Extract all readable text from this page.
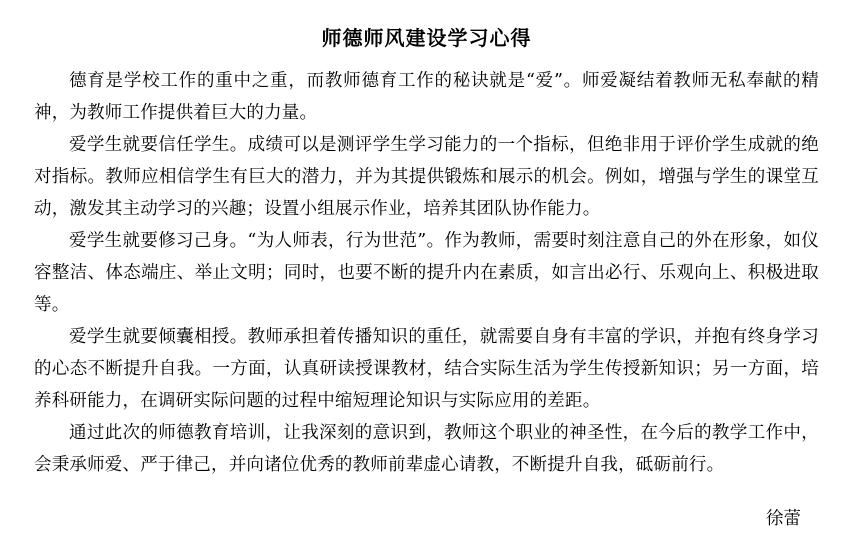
师德师风建设学习心得

德育是学校工作的重中之重，而教师德育工作的秘诀就是“爱”。师爱凝结着教师无私奉献的精神，为教师工作提供着巨大的力量。

爱学生就要信任学生。成绩可以是测评学生学习能力的一个指标，但绝非用于评价学生成就的绝对指标。教师应相信学生有巨大的潜力，并为其提供锻炼和展示的机会。例如，增强与学生的课堂互动，激发其主动学习的兴趣；设置小组展示作业，培养其团队协作能力。

爱学生就要修习己身。“为人师表，行为世范”。作为教师，需要时刻注意自己的外在形象，如仪容整洁、体态端庄、举止文明；同时，也要不断的提升内在素质，如言出必行、乐观向上、积极进取等。

爱学生就要倾囊相授。教师承担着传播知识的重任，就需要自身有丰富的学识，并抱有终身学习的心态不断提升自我。一方面，认真研读授课教材，结合实际生活为学生传授新知识；另一方面，培养科研能力，在调研实际问题的过程中缩短理论知识与实际应用的差距。

通过此次的师德教育培训，让我深刻的意识到，教师这个职业的神圣性，在今后的教学工作中，会秉承师爱、严于律己，并向诸位优秀的教师前辈虚心请教，不断提升自我，砥砺前行。

徐蕾
